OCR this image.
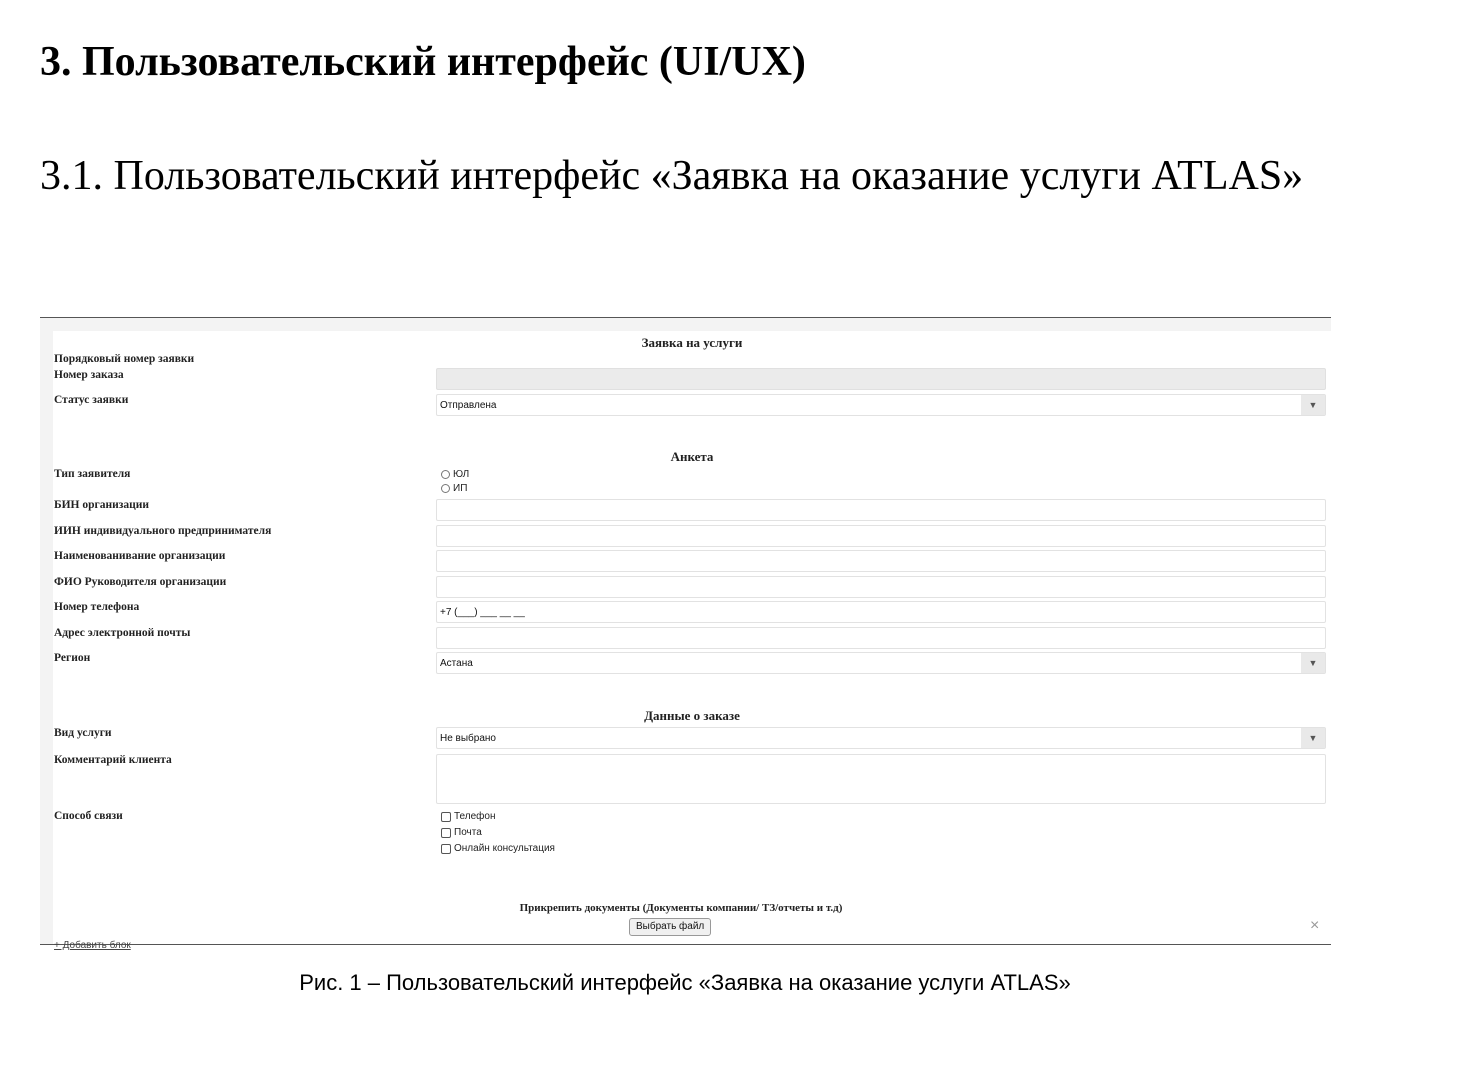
3. Пользовательский интерфейс (UI/UX)
3.1. Пользовательский интерфейс «Заявка на оказание услуги ATLAS»
Заявка на услуги
Порядковый номер заявки
Номер заказа
Статус заявки	Отправлена	▼
Анкета
Тип заявителя	ЮЛ
ИП
БИН организации
ИИН индивидуального предпринимателя
Наименованивание организации
ФИО Руководителя организации
Номер телефона	+7 (___) ___ __ __
Адрес электронной почты
Регион	Астана	▼
Данные о заказе
Вид услуги	Не выбрано	▼
Комментарий клиента
Способ связи	Телефон
Почта
Онлайн консультация
Прикрепить документы (Документы компании/ ТЗ/отчеты и т.д)
Выбрать файл	×
+ Добавить блок
Рис. 1 – Пользовательский интерфейс «Заявка на оказание услуги ATLAS»
